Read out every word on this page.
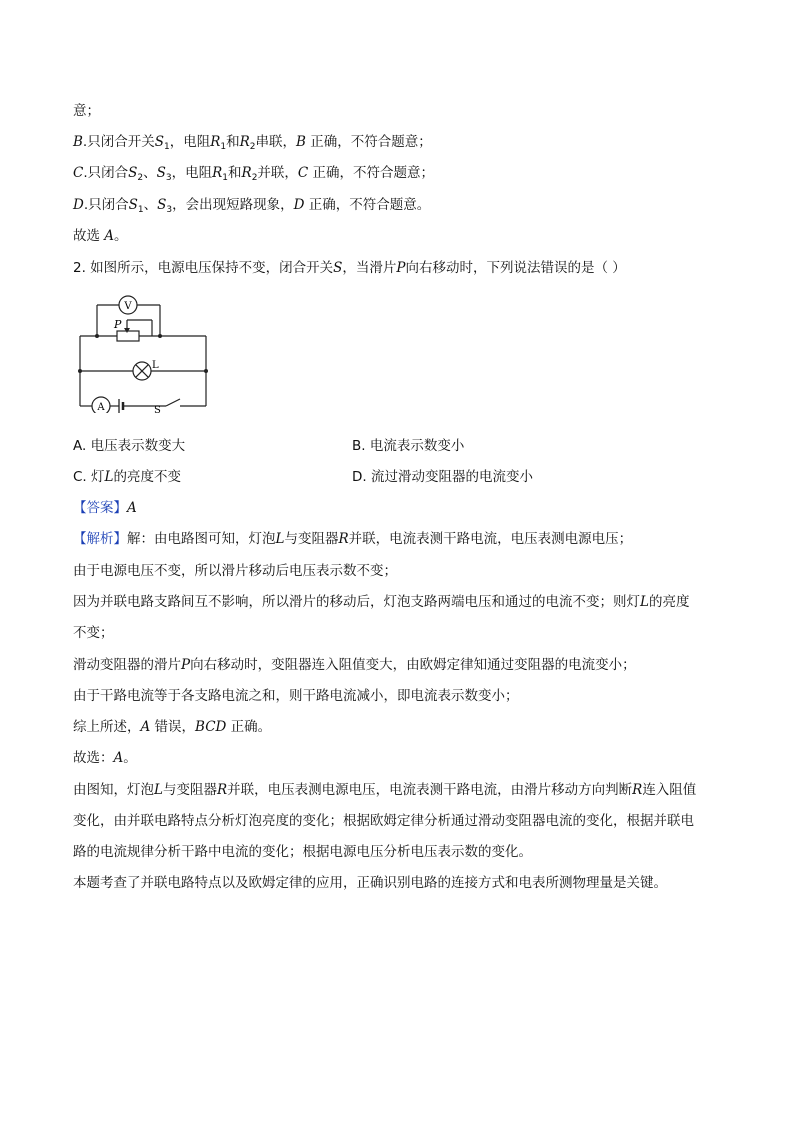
意；
B.只闭合开关$S_1$，电阻$R_1$和$R_2$串联，B 正确，不符合题意；
C.只闭合$S_2$、$S_3$，电阻$R_1$和$R_2$并联，C 正确，不符合题意；
D.只闭合$S_1$、$S_3$，会出现短路现象，D 正确，不符合题意。
故选 A。
2. 如图所示，电源电压保持不变，闭合开关S，当滑片P向右移动时，下列说法错误的是（ ）
V
P
L
A	S
A. 电压表示数变大	B. 电流表示数变小
C. 灯L的亮度不变	D. 流过滑动变阻器的电流变小
【答案】A
【解析】解：由电路图可知，灯泡L与变阻器R并联，电流表测干路电流，电压表测电源电压；
由于电源电压不变，所以滑片移动后电压表示数不变；
因为并联电路支路间互不影响，所以滑片的移动后，灯泡支路两端电压和通过的电流不变；则灯L的亮度
不变；
滑动变阻器的滑片P向右移动时，变阻器连入阻值变大，由欧姆定律知通过变阻器的电流变小；
由于干路电流等于各支路电流之和，则干路电流减小，即电流表示数变小；
综上所述，A 错误，BCD 正确。
故选：A。
由图知，灯泡L与变阻器R并联，电压表测电源电压，电流表测干路电流，由滑片移动方向判断R连入阻值
变化，由并联电路特点分析灯泡亮度的变化；根据欧姆定律分析通过滑动变阻器电流的变化，根据并联电
路的电流规律分析干路中电流的变化；根据电源电压分析电压表示数的变化。
本题考查了并联电路特点以及欧姆定律的应用，正确识别电路的连接方式和电表所测物理量是关键。
